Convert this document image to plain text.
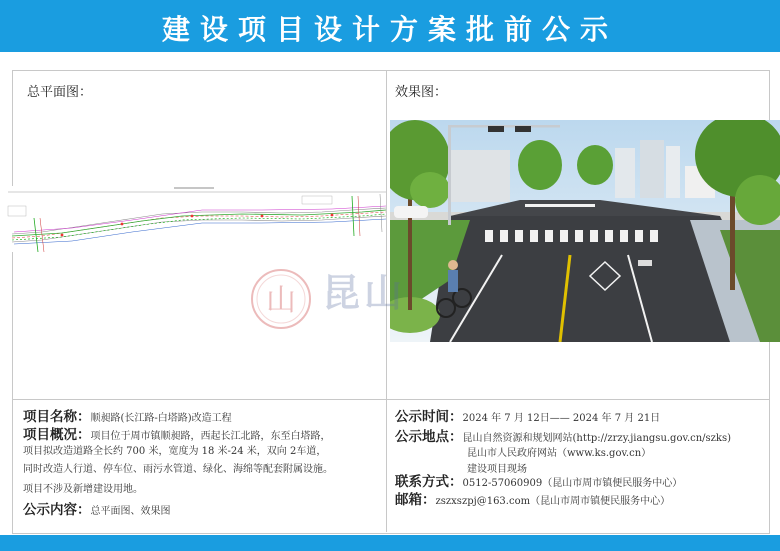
建设项目设计方案批前公示
总平面图：	效果图：
山 昆山
项目名称：顺昶路(长江路-白塔路)改造工程
项目概况：项目位于周市镇顺昶路，西起长江北路，东至白塔路，
项目拟改造道路全长约 700 米，宽度为 18 米-24 米，双向 2车道，
同时改造人行道、停车位、雨污水管道、绿化、海绵等配套附属设施。
项目不涉及新增建设用地。
公示内容：总平面图、效果图
公示时间：2024 年 7 月 12日—— 2024 年 7 月 21日
公示地点：昆山自然资源和规划网站(http://zrzy.jiangsu.gov.cn/szks)
昆山市人民政府网站（www.ks.gov.cn）
建设项目现场
联系方式：0512-57060909（昆山市周市镇便民服务中心）
邮箱：zszxszpj@163.com（昆山市周市镇便民服务中心）
